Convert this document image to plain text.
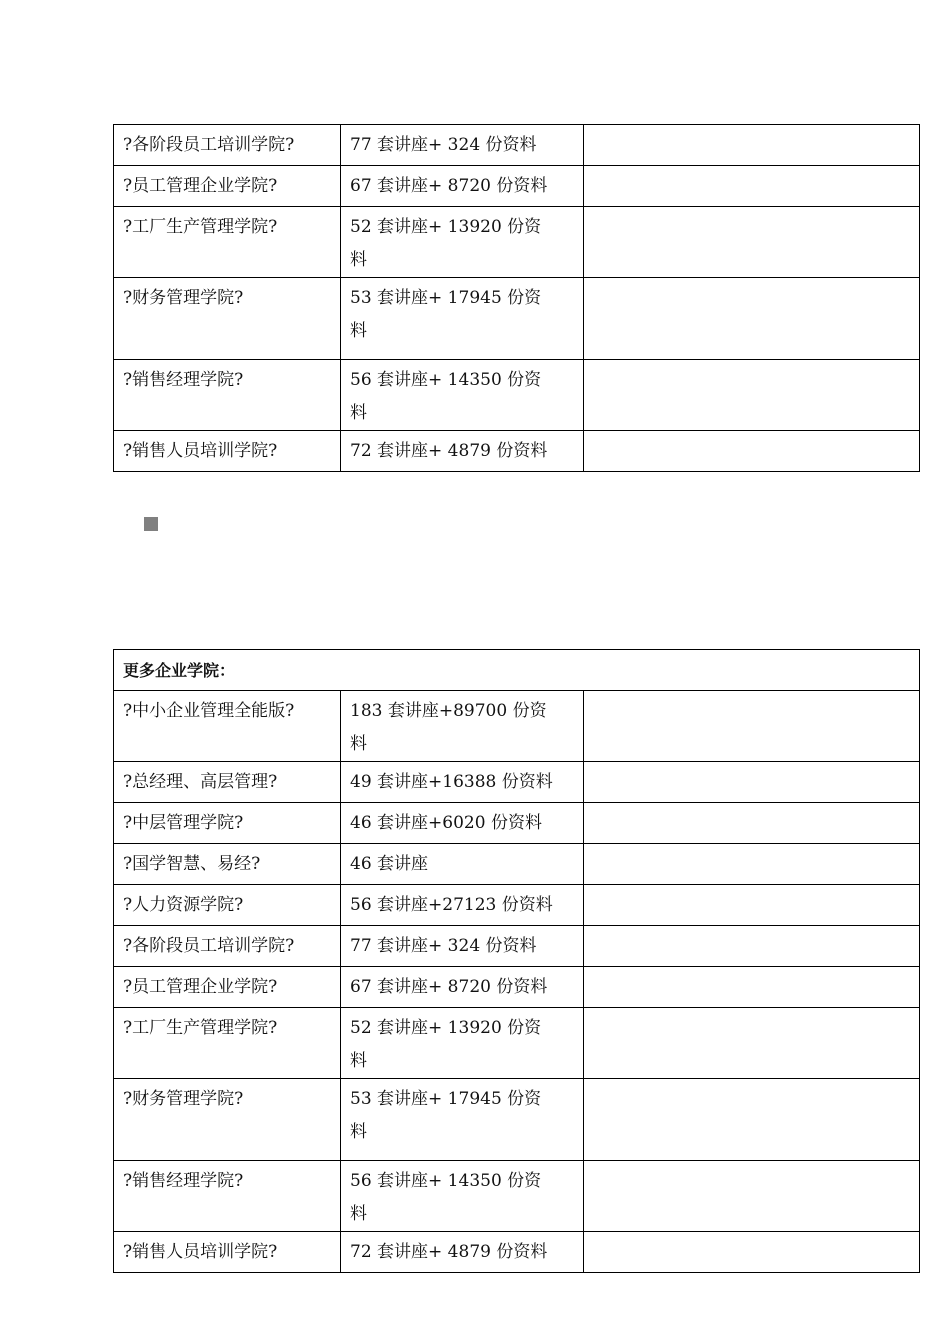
?各阶段员工培训学院?	77 套讲座+ 324 份资料	
?员工管理企业学院?	67 套讲座+ 8720 份资料	
?工厂生产管理学院?	52 套讲座+ 13920 份资料	
?财务管理学院?	53 套讲座+ 17945 份资料	
?销售经理学院?	56 套讲座+ 14350 份资料	
?销售人员培训学院?	72 套讲座+ 4879 份资料	
更多企业学院：		
?中小企业管理全能版?	183 套讲座+89700 份资料	
?总经理、高层管理?	49 套讲座+16388 份资料	
?中层管理学院?	46 套讲座+6020 份资料	
?国学智慧、易经?	46 套讲座	
?人力资源学院?	56 套讲座+27123 份资料	
?各阶段员工培训学院?	77 套讲座+ 324 份资料	
?员工管理企业学院?	67 套讲座+ 8720 份资料	
?工厂生产管理学院?	52 套讲座+ 13920 份资料	
?财务管理学院?	53 套讲座+ 17945 份资料	
?销售经理学院?	56 套讲座+ 14350 份资料	
?销售人员培训学院?	72 套讲座+ 4879 份资料	
